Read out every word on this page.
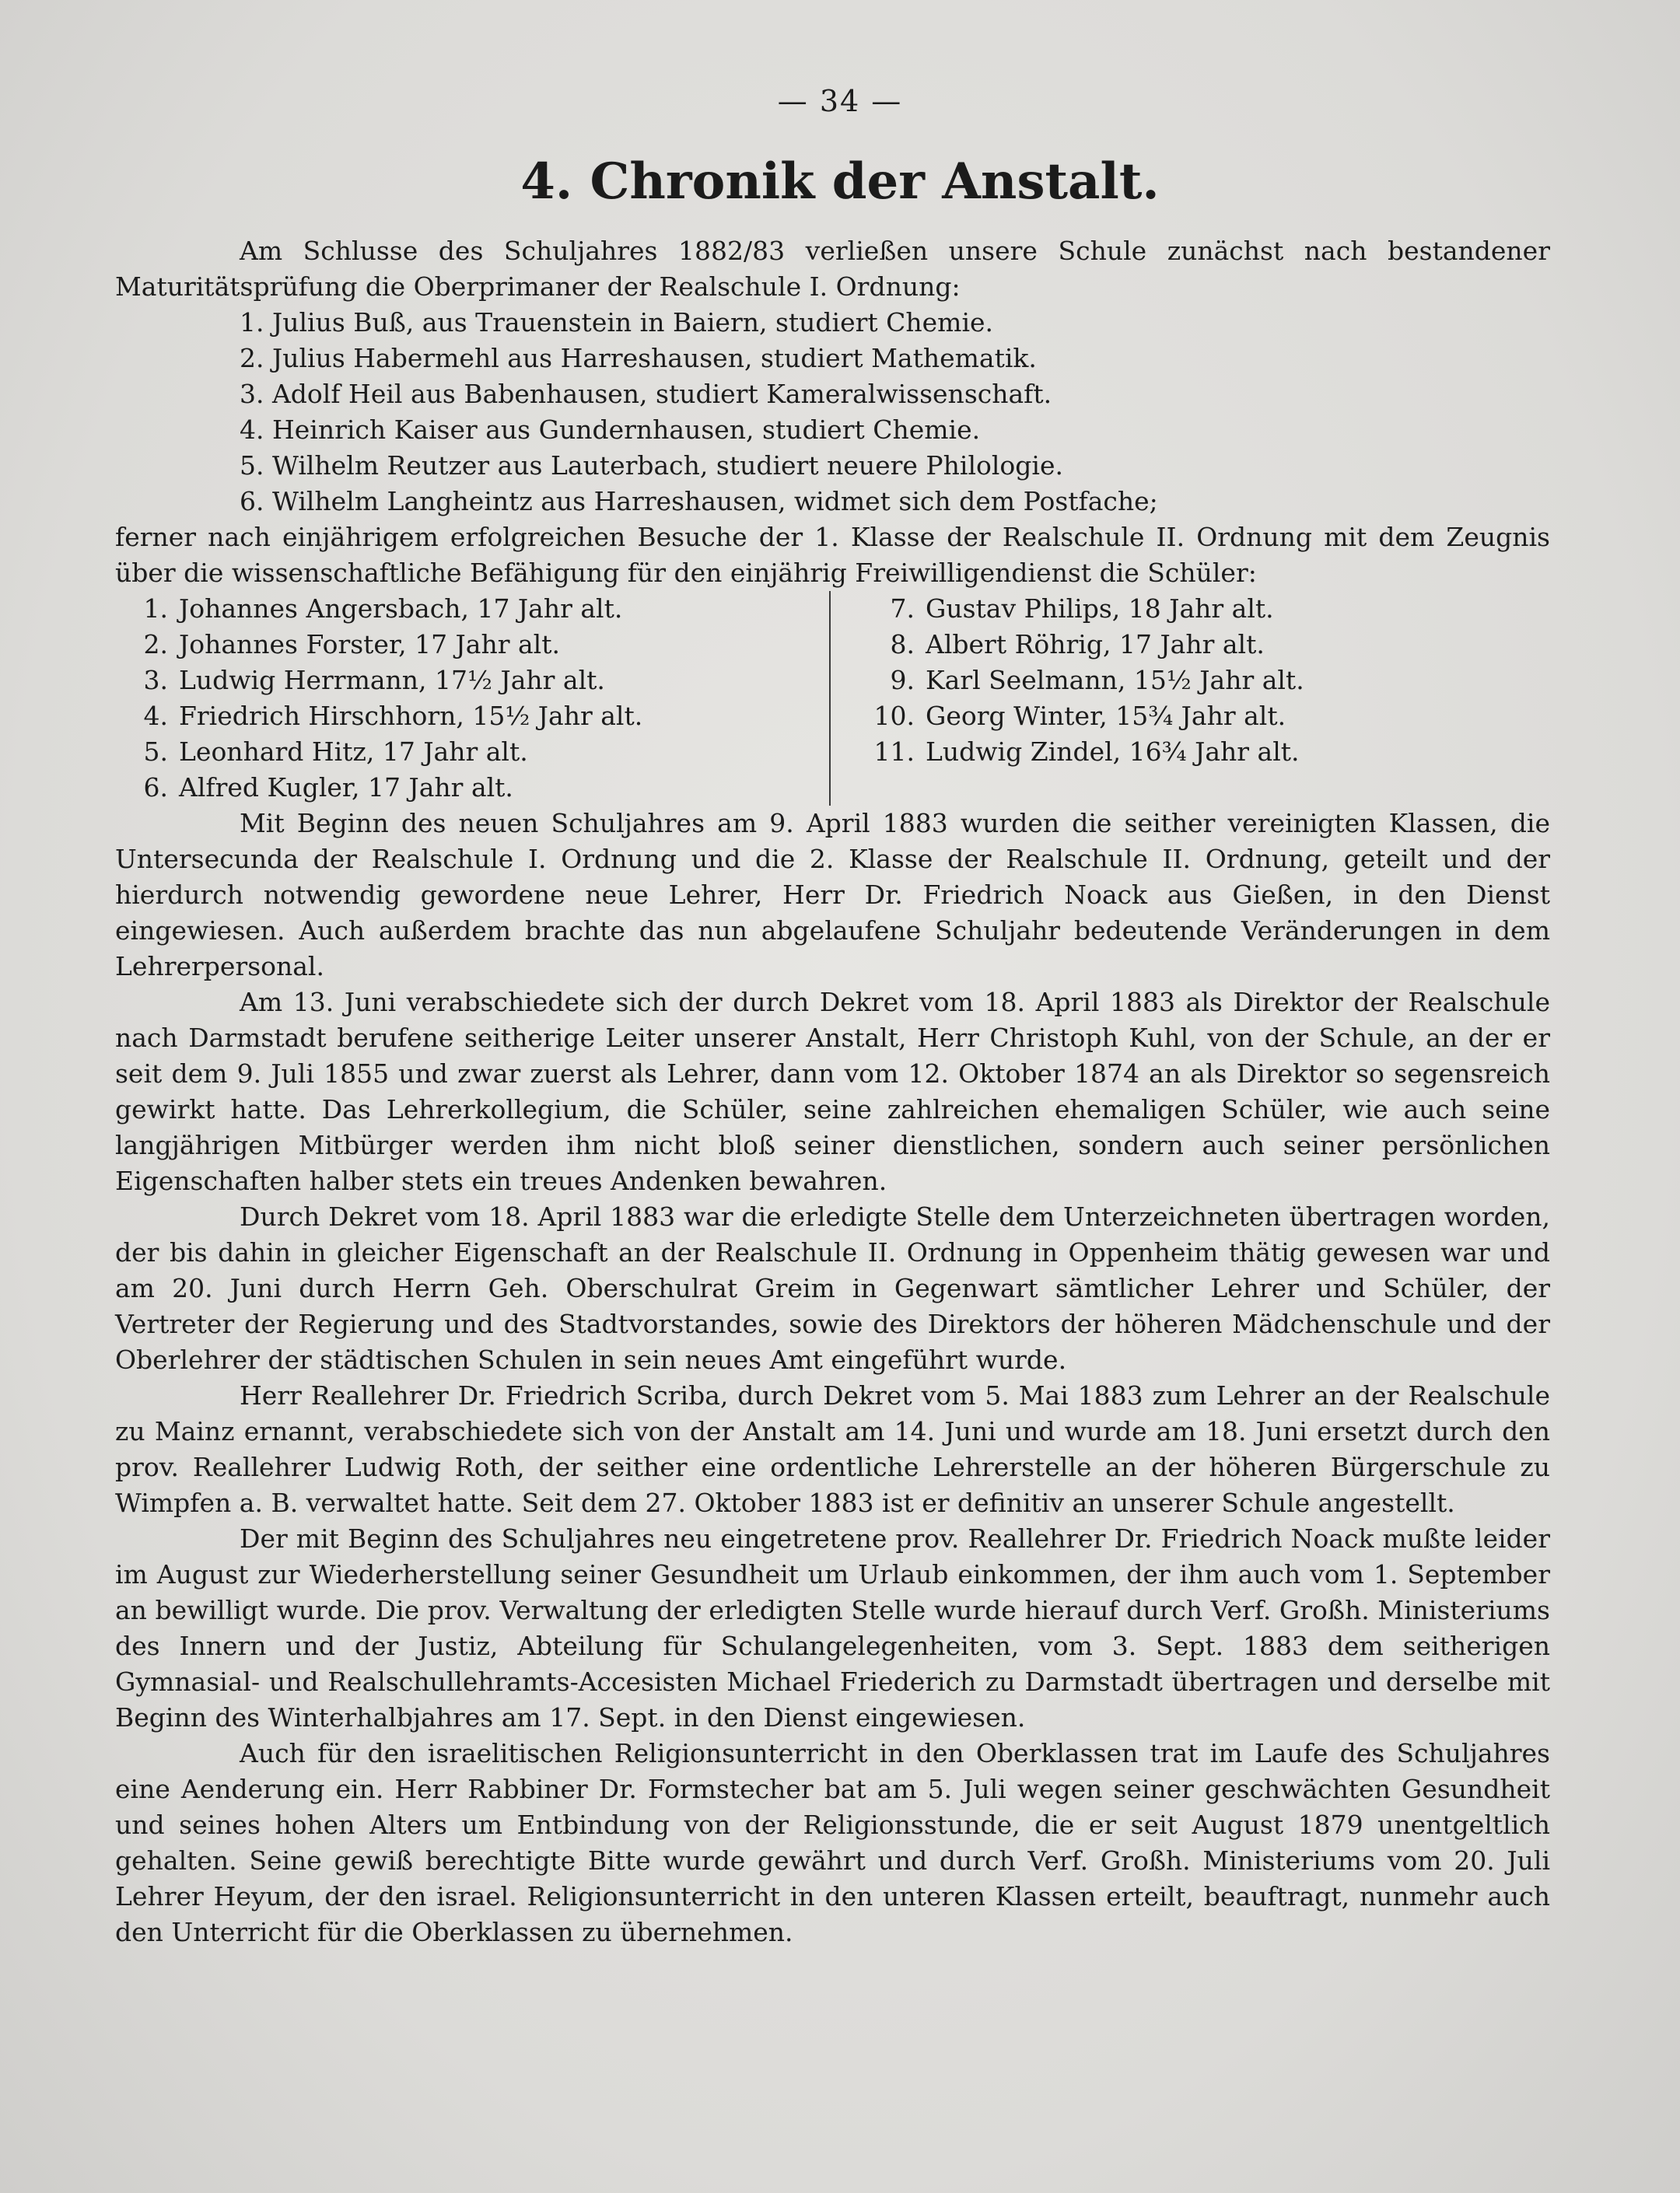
— 34 —
4. Chronik der Anstalt.

Am Schlusse des Schuljahres 1882/83 verließen unsere Schule zunächst nach bestandener Maturitätsprüfung die Oberprimaner der Realschule I. Ordnung:

1. Julius Buß, aus Trauenstein in Baiern, studiert Chemie.
2. Julius Habermehl aus Harreshausen, studiert Mathematik.
3. Adolf Heil aus Babenhausen, studiert Kameralwissenschaft.
4. Heinrich Kaiser aus Gundernhausen, studiert Chemie.
5. Wilhelm Reutzer aus Lauterbach, studiert neuere Philologie.
6. Wilhelm Langheintz aus Harreshausen, widmet sich dem Postfache;

ferner nach einjährigem erfolgreichen Besuche der 1. Klasse der Realschule II. Ordnung mit dem Zeugnis über die wissenschaftliche Befähigung für den einjährig Freiwilligendienst die Schüler:

1. Johannes Angersbach, 17 Jahr alt.
2. Johannes Forster, 17 Jahr alt.
3. Ludwig Herrmann, 17½ Jahr alt.
4. Friedrich Hirschhorn, 15½ Jahr alt.
5. Leonhard Hitz, 17 Jahr alt.
6. Alfred Kugler, 17 Jahr alt.
7. Gustav Philips, 18 Jahr alt.
8. Albert Röhrig, 17 Jahr alt.
9. Karl Seelmann, 15½ Jahr alt.
10. Georg Winter, 15¾ Jahr alt.
11. Ludwig Zindel, 16¾ Jahr alt.

Mit Beginn des neuen Schuljahres am 9. April 1883 wurden die seither vereinigten Klassen, die Untersecunda der Realschule I. Ordnung und die 2. Klasse der Realschule II. Ordnung, geteilt und der hierdurch notwendig gewordene neue Lehrer, Herr Dr. Friedrich Noack aus Gießen, in den Dienst eingewiesen. Auch außerdem brachte das nun abgelaufene Schuljahr bedeutende Veränderungen in dem Lehrerpersonal.

Am 13. Juni verabschiedete sich der durch Dekret vom 18. April 1883 als Direktor der Realschule nach Darmstadt berufene seitherige Leiter unserer Anstalt, Herr Christoph Kuhl, von der Schule, an der er seit dem 9. Juli 1855 und zwar zuerst als Lehrer, dann vom 12. Oktober 1874 an als Direktor so segensreich gewirkt hatte. Das Lehrerkollegium, die Schüler, seine zahlreichen ehemaligen Schüler, wie auch seine langjährigen Mitbürger werden ihm nicht bloß seiner dienstlichen, sondern auch seiner persönlichen Eigenschaften halber stets ein treues Andenken bewahren.

Durch Dekret vom 18. April 1883 war die erledigte Stelle dem Unterzeichneten übertragen worden, der bis dahin in gleicher Eigenschaft an der Realschule II. Ordnung in Oppenheim thätig gewesen war und am 20. Juni durch Herrn Geh. Oberschulrat Greim in Gegenwart sämtlicher Lehrer und Schüler, der Vertreter der Regierung und des Stadtvorstandes, sowie des Direktors der höheren Mädchenschule und der Oberlehrer der städtischen Schulen in sein neues Amt eingeführt wurde.

Herr Reallehrer Dr. Friedrich Scriba, durch Dekret vom 5. Mai 1883 zum Lehrer an der Realschule zu Mainz ernannt, verabschiedete sich von der Anstalt am 14. Juni und wurde am 18. Juni ersetzt durch den prov. Reallehrer Ludwig Roth, der seither eine ordentliche Lehrerstelle an der höheren Bürgerschule zu Wimpfen a. B. verwaltet hatte. Seit dem 27. Oktober 1883 ist er definitiv an unserer Schule angestellt.

Der mit Beginn des Schuljahres neu eingetretene prov. Reallehrer Dr. Friedrich Noack mußte leider im August zur Wiederherstellung seiner Gesundheit um Urlaub einkommen, der ihm auch vom 1. September an bewilligt wurde. Die prov. Verwaltung der erledigten Stelle wurde hierauf durch Verf. Großh. Ministeriums des Innern und der Justiz, Abteilung für Schulangelegenheiten, vom 3. Sept. 1883 dem seitherigen Gymnasial- und Realschullehramts-Accesisten Michael Friederich zu Darmstadt übertragen und derselbe mit Beginn des Winterhalbjahres am 17. Sept. in den Dienst eingewiesen.

Auch für den israelitischen Religionsunterricht in den Oberklassen trat im Laufe des Schuljahres eine Aenderung ein. Herr Rabbiner Dr. Formstecher bat am 5. Juli wegen seiner geschwächten Gesundheit und seines hohen Alters um Entbindung von der Religionsstunde, die er seit August 1879 unentgeltlich gehalten. Seine gewiß berechtigte Bitte wurde gewährt und durch Verf. Großh. Ministeriums vom 20. Juli Lehrer Heyum, der den israel. Religionsunterricht in den unteren Klassen erteilt, beauftragt, nunmehr auch den Unterricht für die Oberklassen zu übernehmen.
